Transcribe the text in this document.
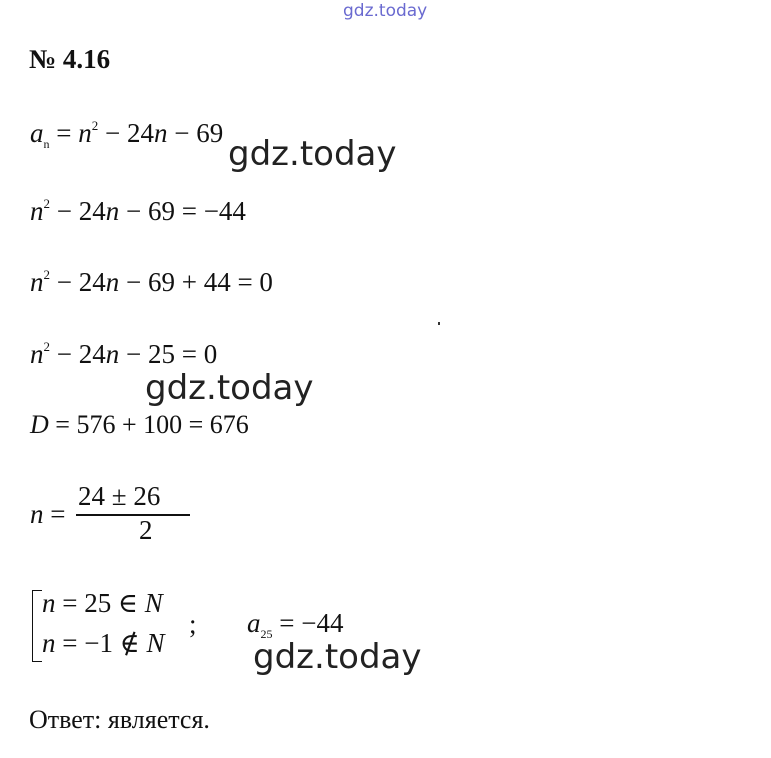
gdz.today
№ 4.16
$a_n = n^2 - 24n - 69$
gdz.today
$n^2 - 24n - 69 = -44$
$n^2 - 24n - 69 + 44 = 0$
$n^2 - 24n - 25 = 0$
gdz.today
D = 576 + 100 = 676
n =
24 ± 26
2
n = 25 ∈ N
n = −1 ∉ N
; $a_{25} = -44$
gdz.today
Ответ: является.
